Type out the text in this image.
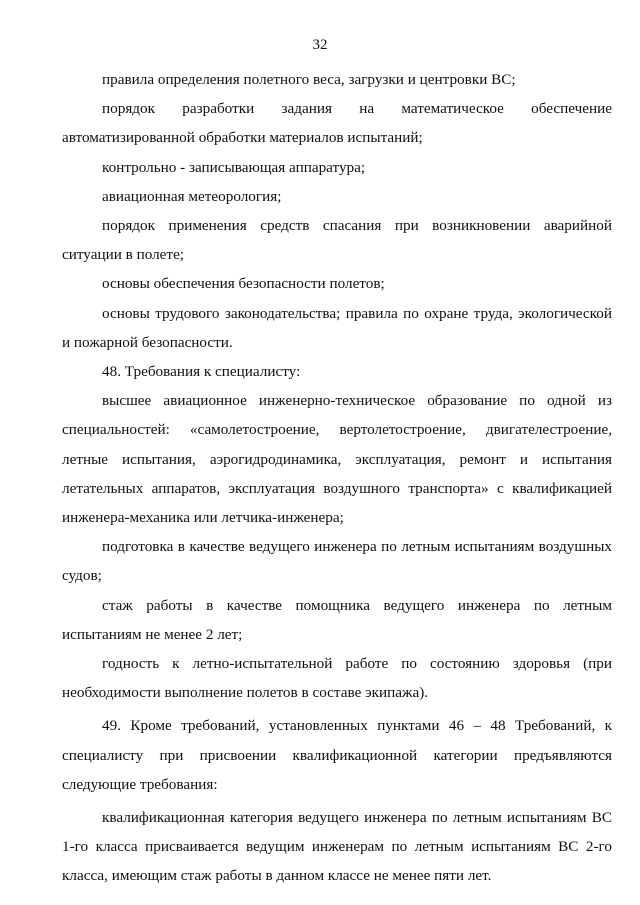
32

правила определения полетного веса, загрузки и центровки ВС;

порядок разработки задания на математическое обеспечение автоматизированной обработки материалов испытаний;

контрольно - записывающая аппаратура;

авиационная метеорология;

порядок применения средств спасания при возникновении аварийной ситуации в полете;

основы обеспечения безопасности полетов;

основы трудового законодательства; правила по охране труда, экологической и пожарной безопасности.

48. Требования к специалисту:

высшее авиационное инженерно-техническое образование по одной из специальностей: «самолетостроение, вертолетостроение, двигателестроение, летные испытания, аэрогидродинамика, эксплуатация, ремонт и испытания летательных аппаратов, эксплуатация воздушного транспорта» с квалификацией инженера-механика или летчика-инженера;

подготовка в качестве ведущего инженера по летным испытаниям воздушных судов;

стаж работы в качестве помощника ведущего инженера по летным испытаниям не менее 2 лет;

годность к летно-испытательной работе по состоянию здоровья (при необходимости выполнение полетов в составе экипажа).

49. Кроме требований, установленных пунктами 46 – 48 Требований, к специалисту при присвоении квалификационной категории предъявляются следующие требования:

квалификационная категория ведущего инженера по летным испытаниям ВС 1-го класса присваивается ведущим инженерам по летным испытаниям ВС 2-го класса, имеющим стаж работы в данном классе не менее пяти лет.
